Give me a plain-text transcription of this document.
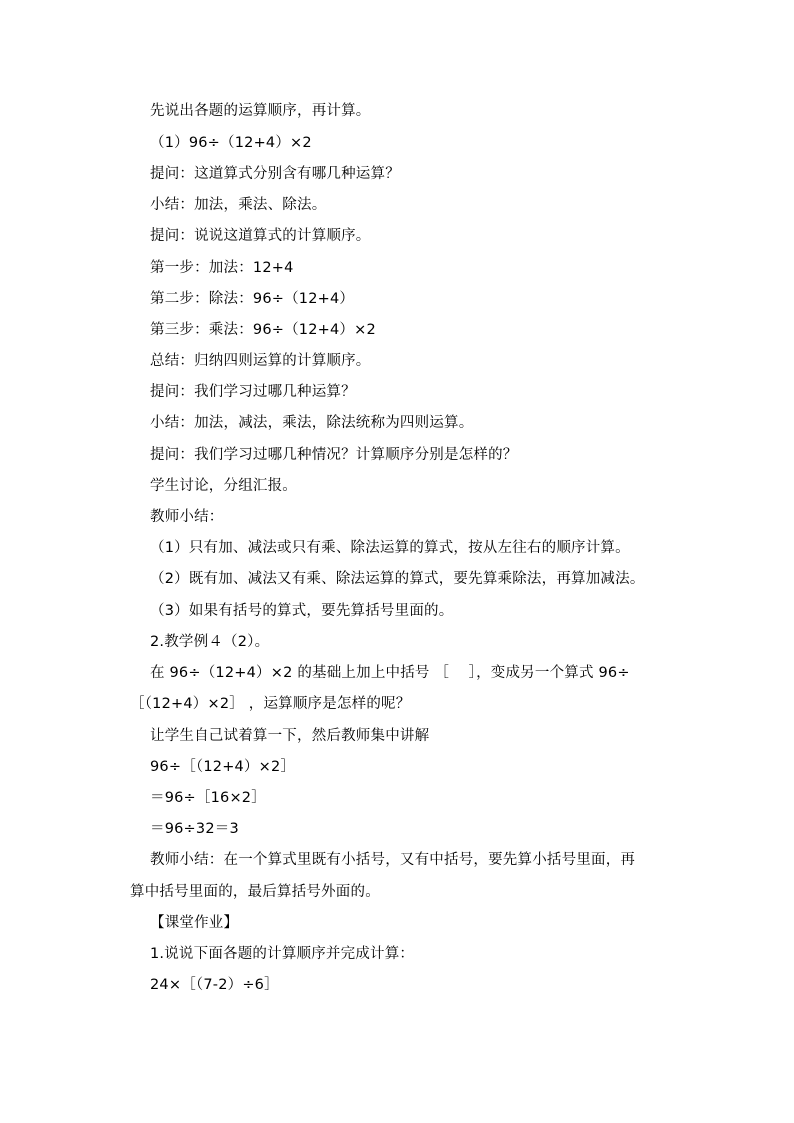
先说出各题的运算顺序，再计算。
（1）96÷（12+4）×2
提问：这道算式分别含有哪几种运算？
小结：加法，乘法、除法。
提问：说说这道算式的计算顺序。
第一步：加法：12+4
第二步：除法：96÷（12+4）
第三步：乘法：96÷（12+4）×2
总结：归纳四则运算的计算顺序。
提问：我们学习过哪几种运算？
小结：加法，减法，乘法，除法统称为四则运算。
提问：我们学习过哪几种情况？计算顺序分别是怎样的？
学生讨论，分组汇报。
教师小结：
（1）只有加、减法或只有乘、除法运算的算式，按从左往右的顺序计算。
（2）既有加、减法又有乘、除法运算的算式，要先算乘除法，再算加减法。
（3）如果有括号的算式，要先算括号里面的。
2.教学例４（2）。
在 96÷（12+4）×2 的基础上加上中括号 ［　 ］，变成另一个算式 96÷
［（12+4）×2］ ，运算顺序是怎样的呢？
让学生自己试着算一下，然后教师集中讲解
96÷［（12+4）×2］
＝96÷［16×2］
＝96÷32＝3
教师小结：在一个算式里既有小括号，又有中括号，要先算小括号里面，再
算中括号里面的，最后算括号外面的。
【课堂作业】
1.说说下面各题的计算顺序并完成计算：
24×［（7-2）÷6］
